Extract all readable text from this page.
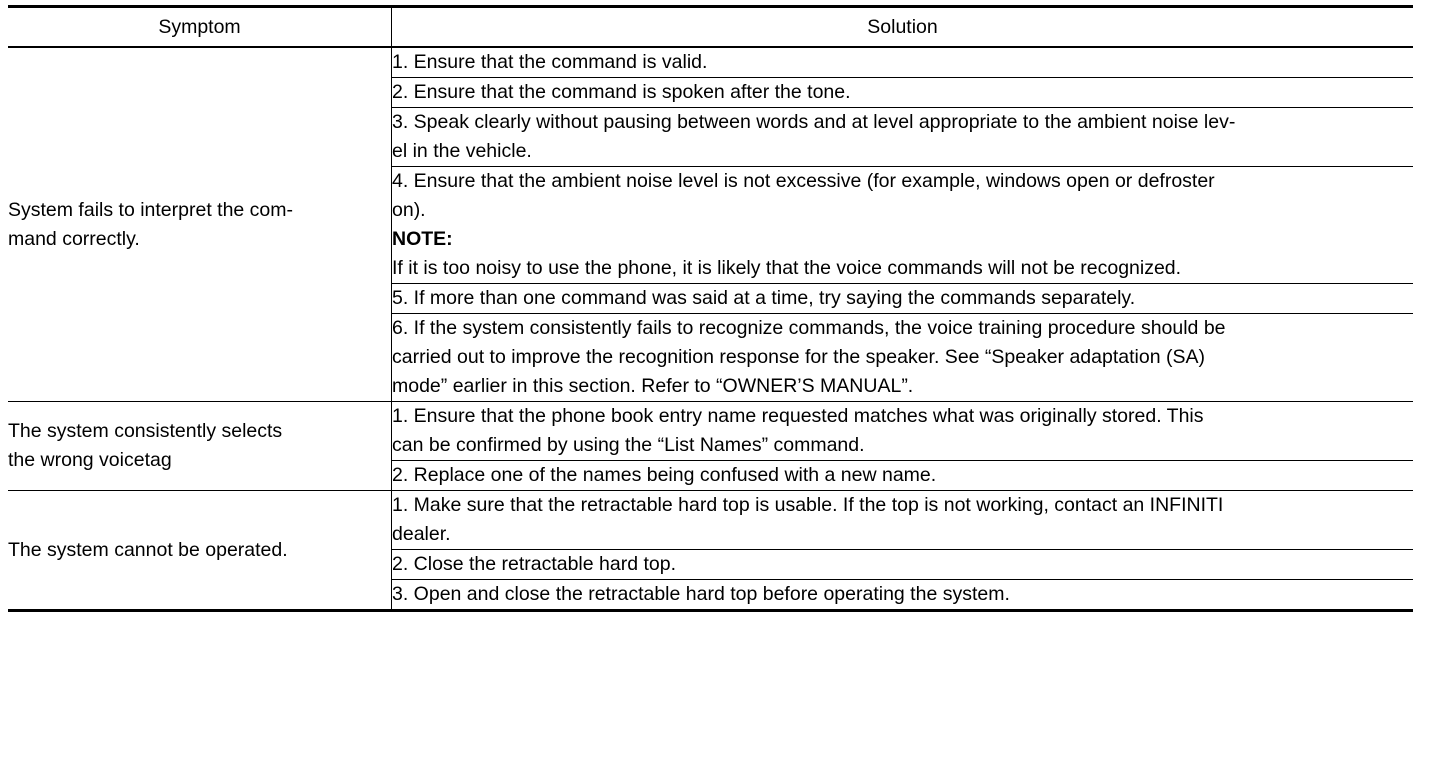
Symptom	Solution

System fails to interpret the com-
mand correctly.	1. Ensure that the command is valid.
	2. Ensure that the command is spoken after the tone.

	3. Speak clearly without pausing between words and at level appropriate to the ambient noise lev-
el in the vehicle.

	4. Ensure that the ambient noise level is not excessive (for example, windows open or defroster
on).
NOTE:
If it is too noisy to use the phone, it is likely that the voice commands will not be recognized.

	5. If more than one command was said at a time, try saying the commands separately.

	6. If the system consistently fails to recognize commands, the voice training procedure should be
carried out to improve the recognition response for the speaker. See “Speaker adaptation (SA)
mode” earlier in this section. Refer to “OWNER’S MANUAL”.

The system consistently selects
the wrong voicetag	1. Ensure that the phone book entry name requested matches what was originally stored. This
can be confirmed by using the “List Names” command.

	2. Replace one of the names being confused with a new name.
The system cannot be operated.	1. Make sure that the retractable hard top is usable. If the top is not working, contact an INFINITI
dealer.

	2. Close the retractable hard top.
	3. Open and close the retractable hard top before operating the system.
